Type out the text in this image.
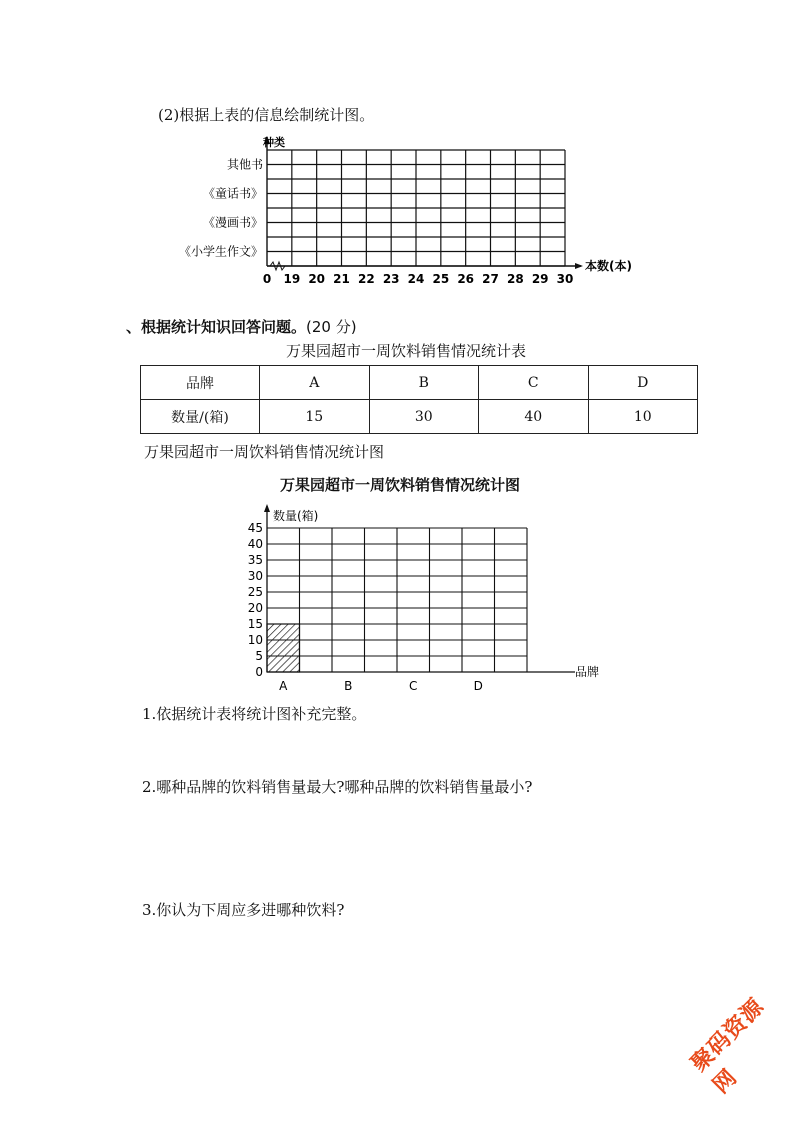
(2)根据上表的信息绘制统计图。
种类
其他书
《童话书》
《漫画书》
《小学生作文》
0 19 20 21 22 23 24 25 26 27 28 29 30
本数(本)
、根据统计知识回答问题。(20 分)
万果园超市一周饮料销售情况统计表
品牌	A	B	C	D
数量/(箱)	15	30	40	10
万果园超市一周饮料销售情况统计图
万果园超市一周饮料销售情况统计图
0
5
10
15
20
25
30
35
40
45
数量(箱)
A	B	C	D
品牌
1.依据统计表将统计图补充完整。
2.哪种品牌的饮料销售量最大?哪种品牌的饮料销售量最小?
3.你认为下周应多进哪种饮料?
聚码资源网
